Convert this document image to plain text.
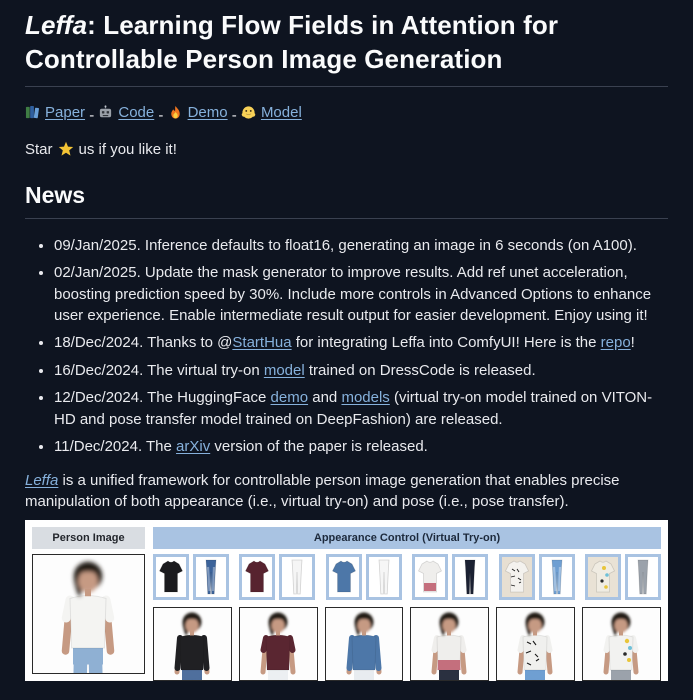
Leffa: Learning Flow Fields in Attention for Controllable Person Image Generation
Paper - Code - Demo - Model
Star us if you like it!
News
• 09/Jan/2025. Inference defaults to float16, generating an image in 6 seconds (on A100).
• 02/Jan/2025. Update the mask generator to improve results. Add ref unet acceleration, boosting prediction speed by 30%. Include more controls in Advanced Options to enhance user experience. Enable intermediate result output for easier development. Enjoy using it!
• 18/Dec/2024. Thanks to @StartHua for integrating Leffa into ComfyUI! Here is the repo!
• 16/Dec/2024. The virtual try-on model trained on DressCode is released.
• 12/Dec/2024. The HuggingFace demo and models (virtual try-on model trained on VITON-HD and pose transfer model trained on DeepFashion) are released.
• 11/Dec/2024. The arXiv version of the paper is released.

Leffa is a unified framework for controllable person image generation that enables precise manipulation of both appearance (i.e., virtual try-on) and pose (i.e., pose transfer).

Person Image	Appearance Control (Virtual Try-on)
